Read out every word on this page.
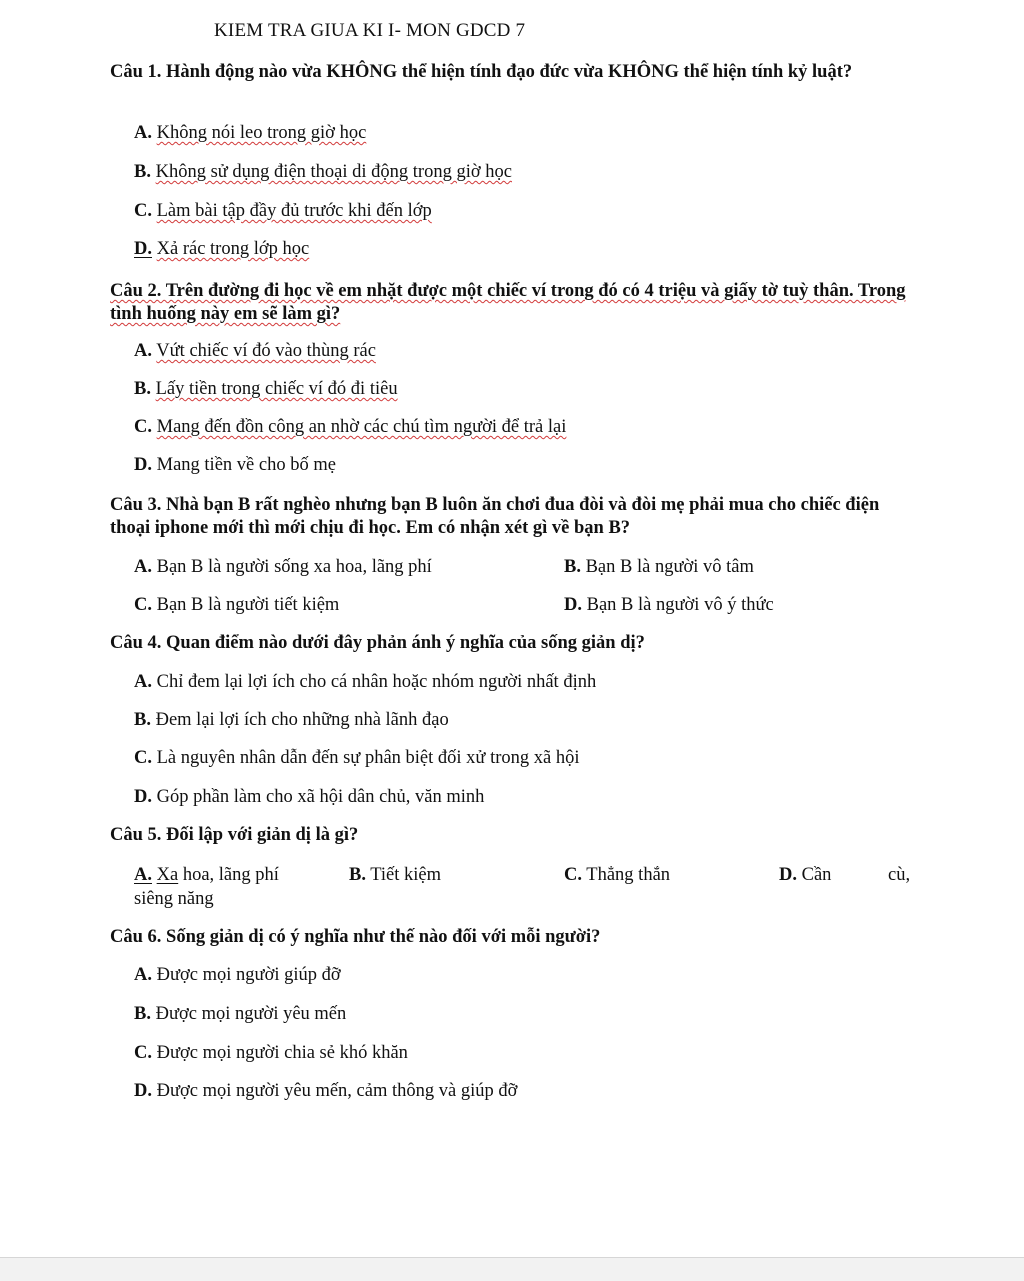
KIEM TRA GIUA KI I- MON GDCD 7
Câu 1. Hành động nào vừa KHÔNG thể hiện tính đạo đức vừa KHÔNG thể hiện tính kỷ luật?
A. Không nói leo trong giờ học
B. Không sử dụng điện thoại di động trong giờ học
C. Làm bài tập đầy đủ trước khi đến lớp
D. Xả rác trong lớp học
Câu 2. Trên đường đi học về em nhặt được một chiếc ví trong đó có 4 triệu và giấy tờ tuỳ thân. Trong tình huống này em sẽ làm gì?
A. Vứt chiếc ví đó vào thùng rác
B. Lấy tiền trong chiếc ví đó đi tiêu
C. Mang đến đồn công an nhờ các chú tìm người để trả lại
D. Mang tiền về cho bố mẹ
Câu 3. Nhà bạn B rất nghèo nhưng bạn B luôn ăn chơi đua đòi và đòi mẹ phải mua cho chiếc điện thoại iphone mới thì mới chịu đi học. Em có nhận xét gì về bạn B?
A. Bạn B là người sống xa hoa, lãng phí	B. Bạn B là người vô tâm
C. Bạn B là người tiết kiệm	D. Bạn B là người vô ý thức
Câu 4. Quan điểm nào dưới đây phản ánh ý nghĩa của sống giản dị?
A. Chỉ đem lại lợi ích cho cá nhân hoặc nhóm người nhất định
B. Đem lại lợi ích cho những nhà lãnh đạo
C. Là nguyên nhân dẫn đến sự phân biệt đối xử trong xã hội
D. Góp phần làm cho xã hội dân chủ, văn minh
Câu 5. Đối lập với giản dị là gì?
A. Xa hoa, lãng phí	B. Tiết kiệm	C. Thẳng thắn	D. Cần	cù,
siêng năng
Câu 6. Sống giản dị có ý nghĩa như thế nào đối với mỗi người?
A. Được mọi người giúp đỡ
B. Được mọi người yêu mến
C. Được mọi người chia sẻ khó khăn
D. Được mọi người yêu mến, cảm thông và giúp đỡ
